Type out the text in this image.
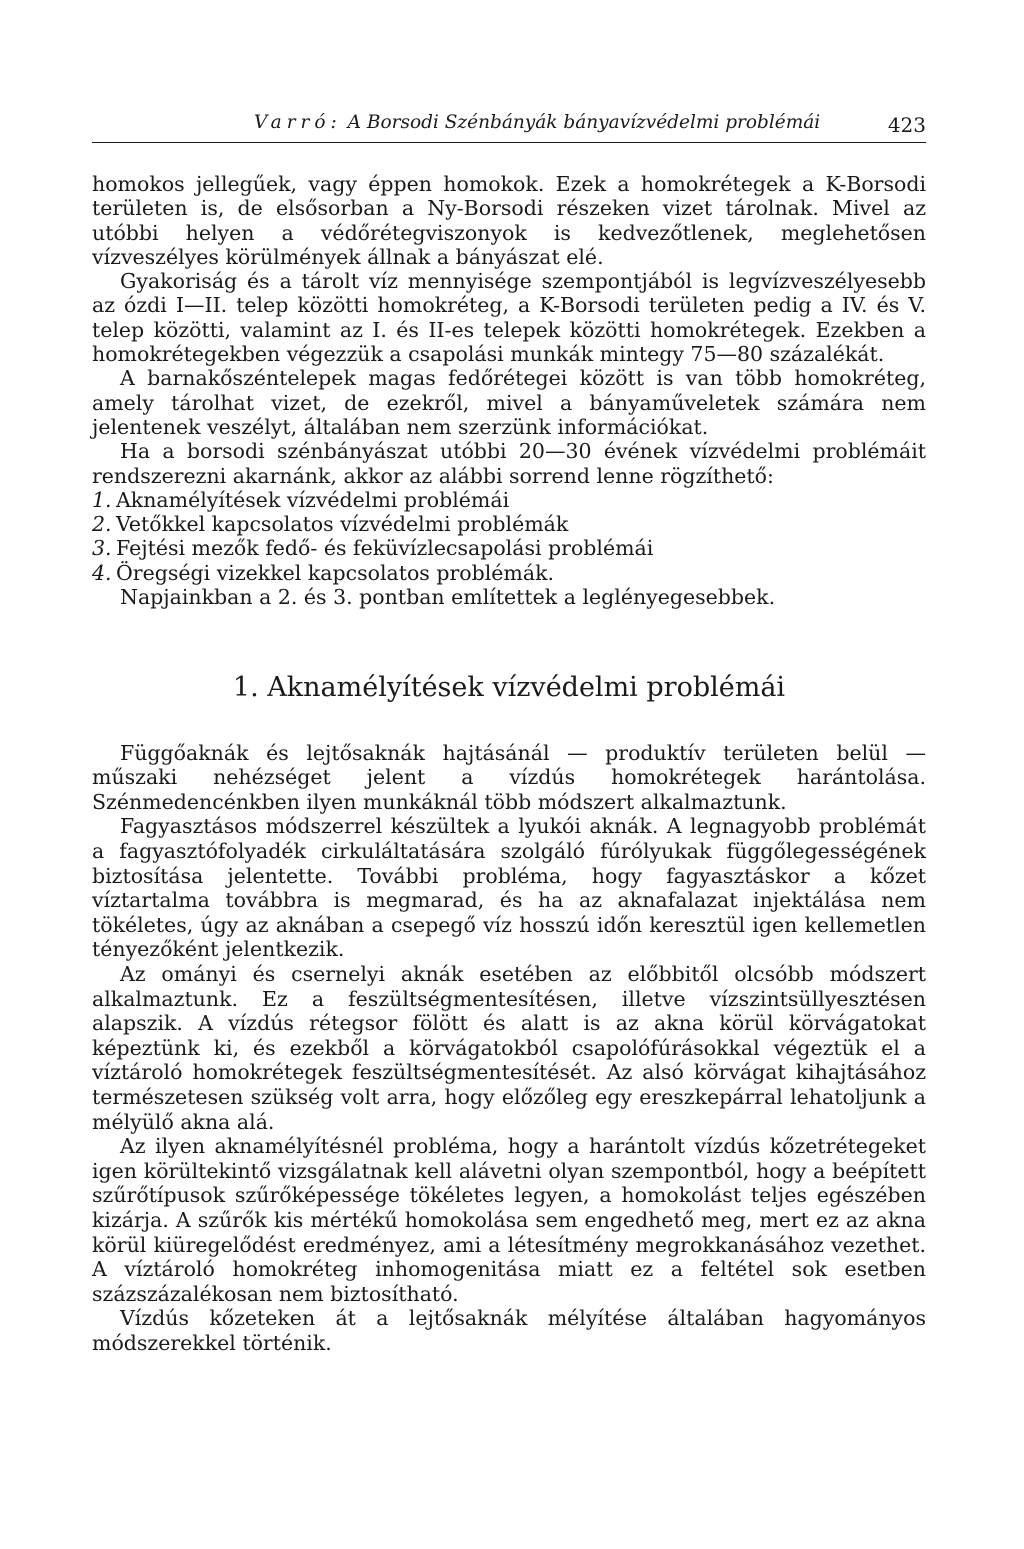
Varró: A Borsodi Szénbányák bányavízvédelmi problémái	423

homokos jellegűek, vagy éppen homokok. Ezek a homokrétegek a K-Borsodi területen is, de elsősorban a Ny-Borsodi részeken vizet tárolnak. Mivel az utóbbi helyen a védőrétegviszonyok is kedvezőtlenek, meglehetősen vízveszélyes körülmények állnak a bányászat elé.

Gyakoriság és a tárolt víz mennyisége szempontjából is legvízveszélyesebb az ózdi I—II. telep közötti homokréteg, a K-Borsodi területen pedig a IV. és V. telep közötti, valamint az I. és II-es telepek közötti homokrétegek. Ezekben a homokrétegekben végezzük a csapolási munkák mintegy 75—80 százalékát.

A barnakőszéntelepek magas fedőrétegei között is van több homokréteg, amely tárolhat vizet, de ezekről, mivel a bányaműveletek számára nem jelentenek veszélyt, általában nem szerzünk információkat.

Ha a borsodi szénbányászat utóbbi 20—30 évének vízvédelmi problémáit rendszerezni akarnánk, akkor az alábbi sorrend lenne rögzíthető:

1. Aknamélyítések vízvédelmi problémái
2. Vetőkkel kapcsolatos vízvédelmi problémák
3. Fejtési mezők fedő- és feküvízlecsapolási problémái
4. Öregségi vizekkel kapcsolatos problémák.

Napjainkban a 2. és 3. pontban említettek a leglényegesebbek.

1. Aknamélyítések vízvédelmi problémái

Függőaknák és lejtősaknák hajtásánál — produktív területen belül — műszaki nehézséget jelent a vízdús homokrétegek harántolása. Szénmedencénkben ilyen munkáknál több módszert alkalmaztunk.

Fagyasztásos módszerrel készültek a lyukói aknák. A legnagyobb problémát a fagyasztófolyadék cirkuláltatására szolgáló fúrólyukak függőlegességének biztosítása jelentette. További probléma, hogy fagyasztáskor a kőzet víztartalma továbbra is megmarad, és ha az aknafalazat injektálása nem tökéletes, úgy az aknában a csepegő víz hosszú időn keresztül igen kellemetlen tényezőként jelentkezik.

Az ományi és csernelyi aknák esetében az előbbitől olcsóbb módszert alkalmaztunk. Ez a feszültségmentesítésen, illetve vízszintsüllyesztésen alapszik. A vízdús rétegsor fölött és alatt is az akna körül körvágatokat képeztünk ki, és ezekből a körvágatokból csapolófúrásokkal végeztük el a víztároló homokrétegek feszültségmentesítését. Az alsó körvágat kihajtásához természetesen szükség volt arra, hogy előzőleg egy ereszkepárral lehatoljunk a mélyülő akna alá.

Az ilyen aknamélyítésnél probléma, hogy a harántolt vízdús kőzetrétegeket igen körültekintő vizsgálatnak kell alávetni olyan szempontból, hogy a beépített szűrőtípusok szűrőképessége tökéletes legyen, a homokolást teljes egészében kizárja. A szűrők kis mértékű homokolása sem engedhető meg, mert ez az akna körül kiüregelődést eredményez, ami a létesítmény megrokkanásához vezethet. A víztároló homokréteg inhomogenitása miatt ez a feltétel sok esetben százszázalékosan nem biztosítható.

Vízdús kőzeteken át a lejtősaknák mélyítése általában hagyományos módszerekkel történik.
